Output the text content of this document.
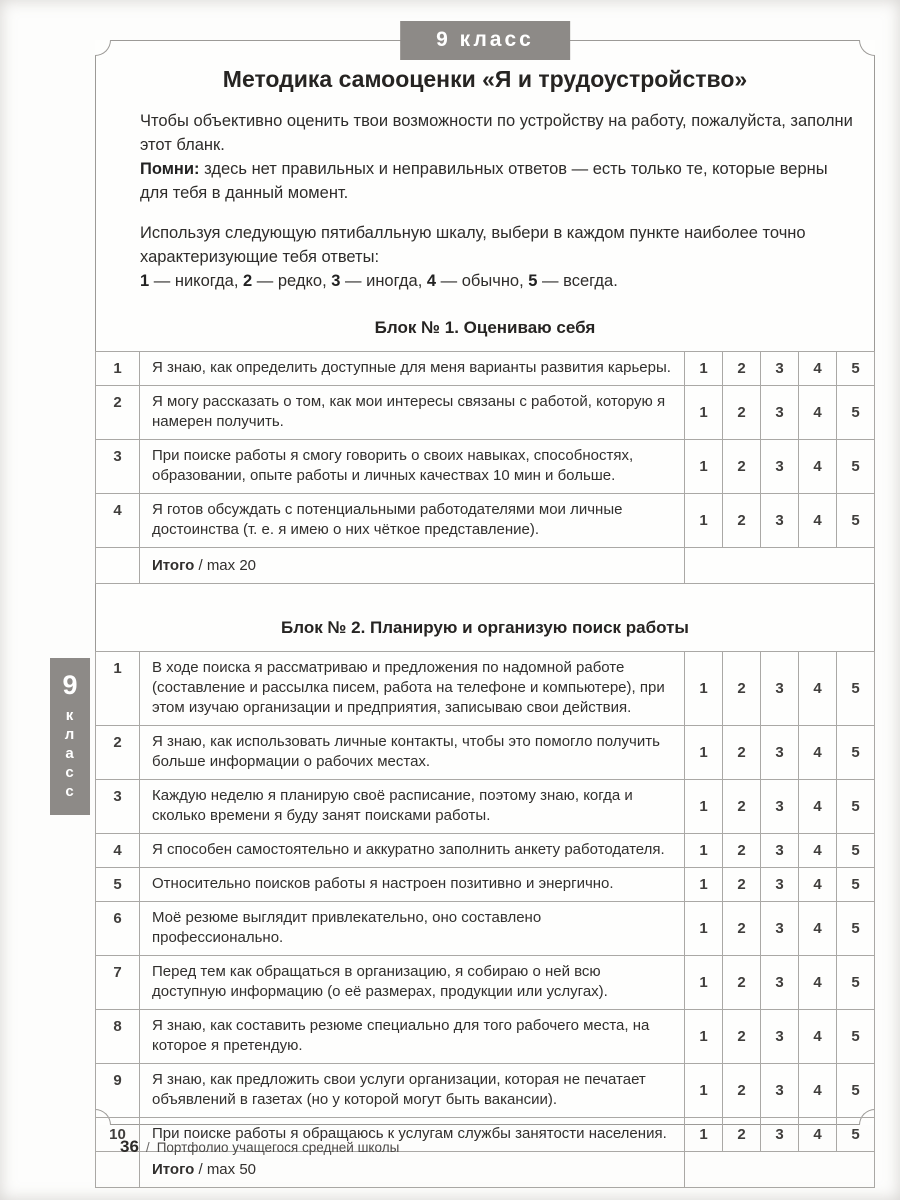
9 класс
9
к
л
а
с
с
Методика самооценки «Я и трудоустройство»

Чтобы объективно оценить твои возможности по устройству на работу, пожалуйста, заполни этот бланк.

Помни: здесь нет правильных и неправильных ответов — есть только те, которые верны для тебя в данный момент.

Используя следующую пятибалльную шкалу, выбери в каждом пункте наиболее точно характеризующие тебя ответы:

1 — никогда, 2 — редко, 3 — иногда, 4 — обычно, 5 — всегда.

Блок № 1. Оцениваю себя
1	Я знаю, как определить доступные для меня варианты развития карьеры.	1	2	3	4	5
2	Я могу рассказать о том, как мои интересы связаны с работой, которую я намерен получить.	1	2	3	4	5
3	При поиске работы я смогу говорить о своих навыках, способностях, образовании, опыте работы и личных качествах 10 мин и больше.	1	2	3	4	5
4	Я готов обсуждать с потенциальными работодателями мои личные достоинства (т. е. я имею о них чёткое представление).	1	2	3	4	5
	Итого / max 20					
Блок № 2. Планирую и организую поиск работы
1	В ходе поиска я рассматриваю и предложения по надомной работе (составление и рассылка писем, работа на телефоне и компьютере), при этом изучаю организации и предприятия, записываю свои действия.	1	2	3	4	5
2	Я знаю, как использовать личные контакты, чтобы это помогло получить больше информации о рабочих местах.	1	2	3	4	5
3	Каждую неделю я планирую своё расписание, поэтому знаю, когда и сколько времени я буду занят поисками работы.	1	2	3	4	5
4	Я способен самостоятельно и аккуратно заполнить анкету работодателя.	1	2	3	4	5
5	Относительно поисков работы я настроен позитивно и энергично.	1	2	3	4	5
6	Моё резюме выглядит привлекательно, оно составлено профессионально.	1	2	3	4	5
7	Перед тем как обращаться в организацию, я собираю о ней всю доступную информацию (о её размерах, продукции или услугах).	1	2	3	4	5
8	Я знаю, как составить резюме специально для того рабочего места, на которое я претендую.	1	2	3	4	5
9	Я знаю, как предложить свои услуги организации, которая не печатает объявлений в газетах (но у которой могут быть вакансии).	1	2	3	4	5
10	При поиске работы я обращаюсь к услугам службы занятости населения.	1	2	3	4	5
	Итого / max 50					
36 / Портфолио учащегося средней школы
